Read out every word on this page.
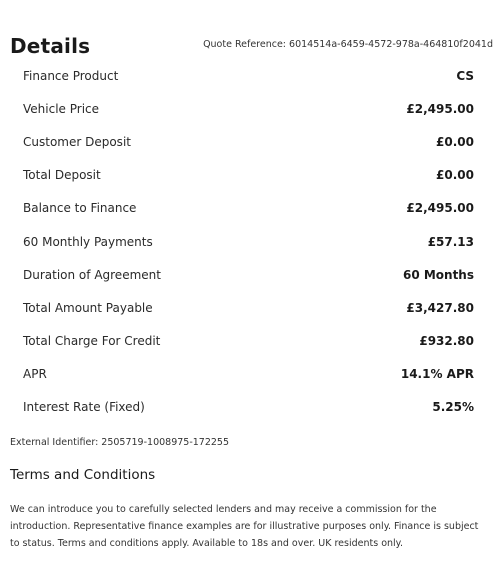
Details	Quote Reference: 6014514a-6459-4572-978a-464810f2041d
Finance Product	CS
Vehicle Price	£2,495.00
Customer Deposit	£0.00
Total Deposit	£0.00
Balance to Finance	£2,495.00
60 Monthly Payments	£57.13
Duration of Agreement	60 Months
Total Amount Payable	£3,427.80
Total Charge For Credit	£932.80
APR	14.1% APR
Interest Rate (Fixed)	5.25%
External Identifier: 2505719-1008975-172255
Terms and Conditions

We can introduce you to carefully selected lenders and may receive a commission for the introduction. Representative finance examples are for illustrative purposes only. Finance is subject to status. Terms and conditions apply. Available to 18s and over. UK residents only.
